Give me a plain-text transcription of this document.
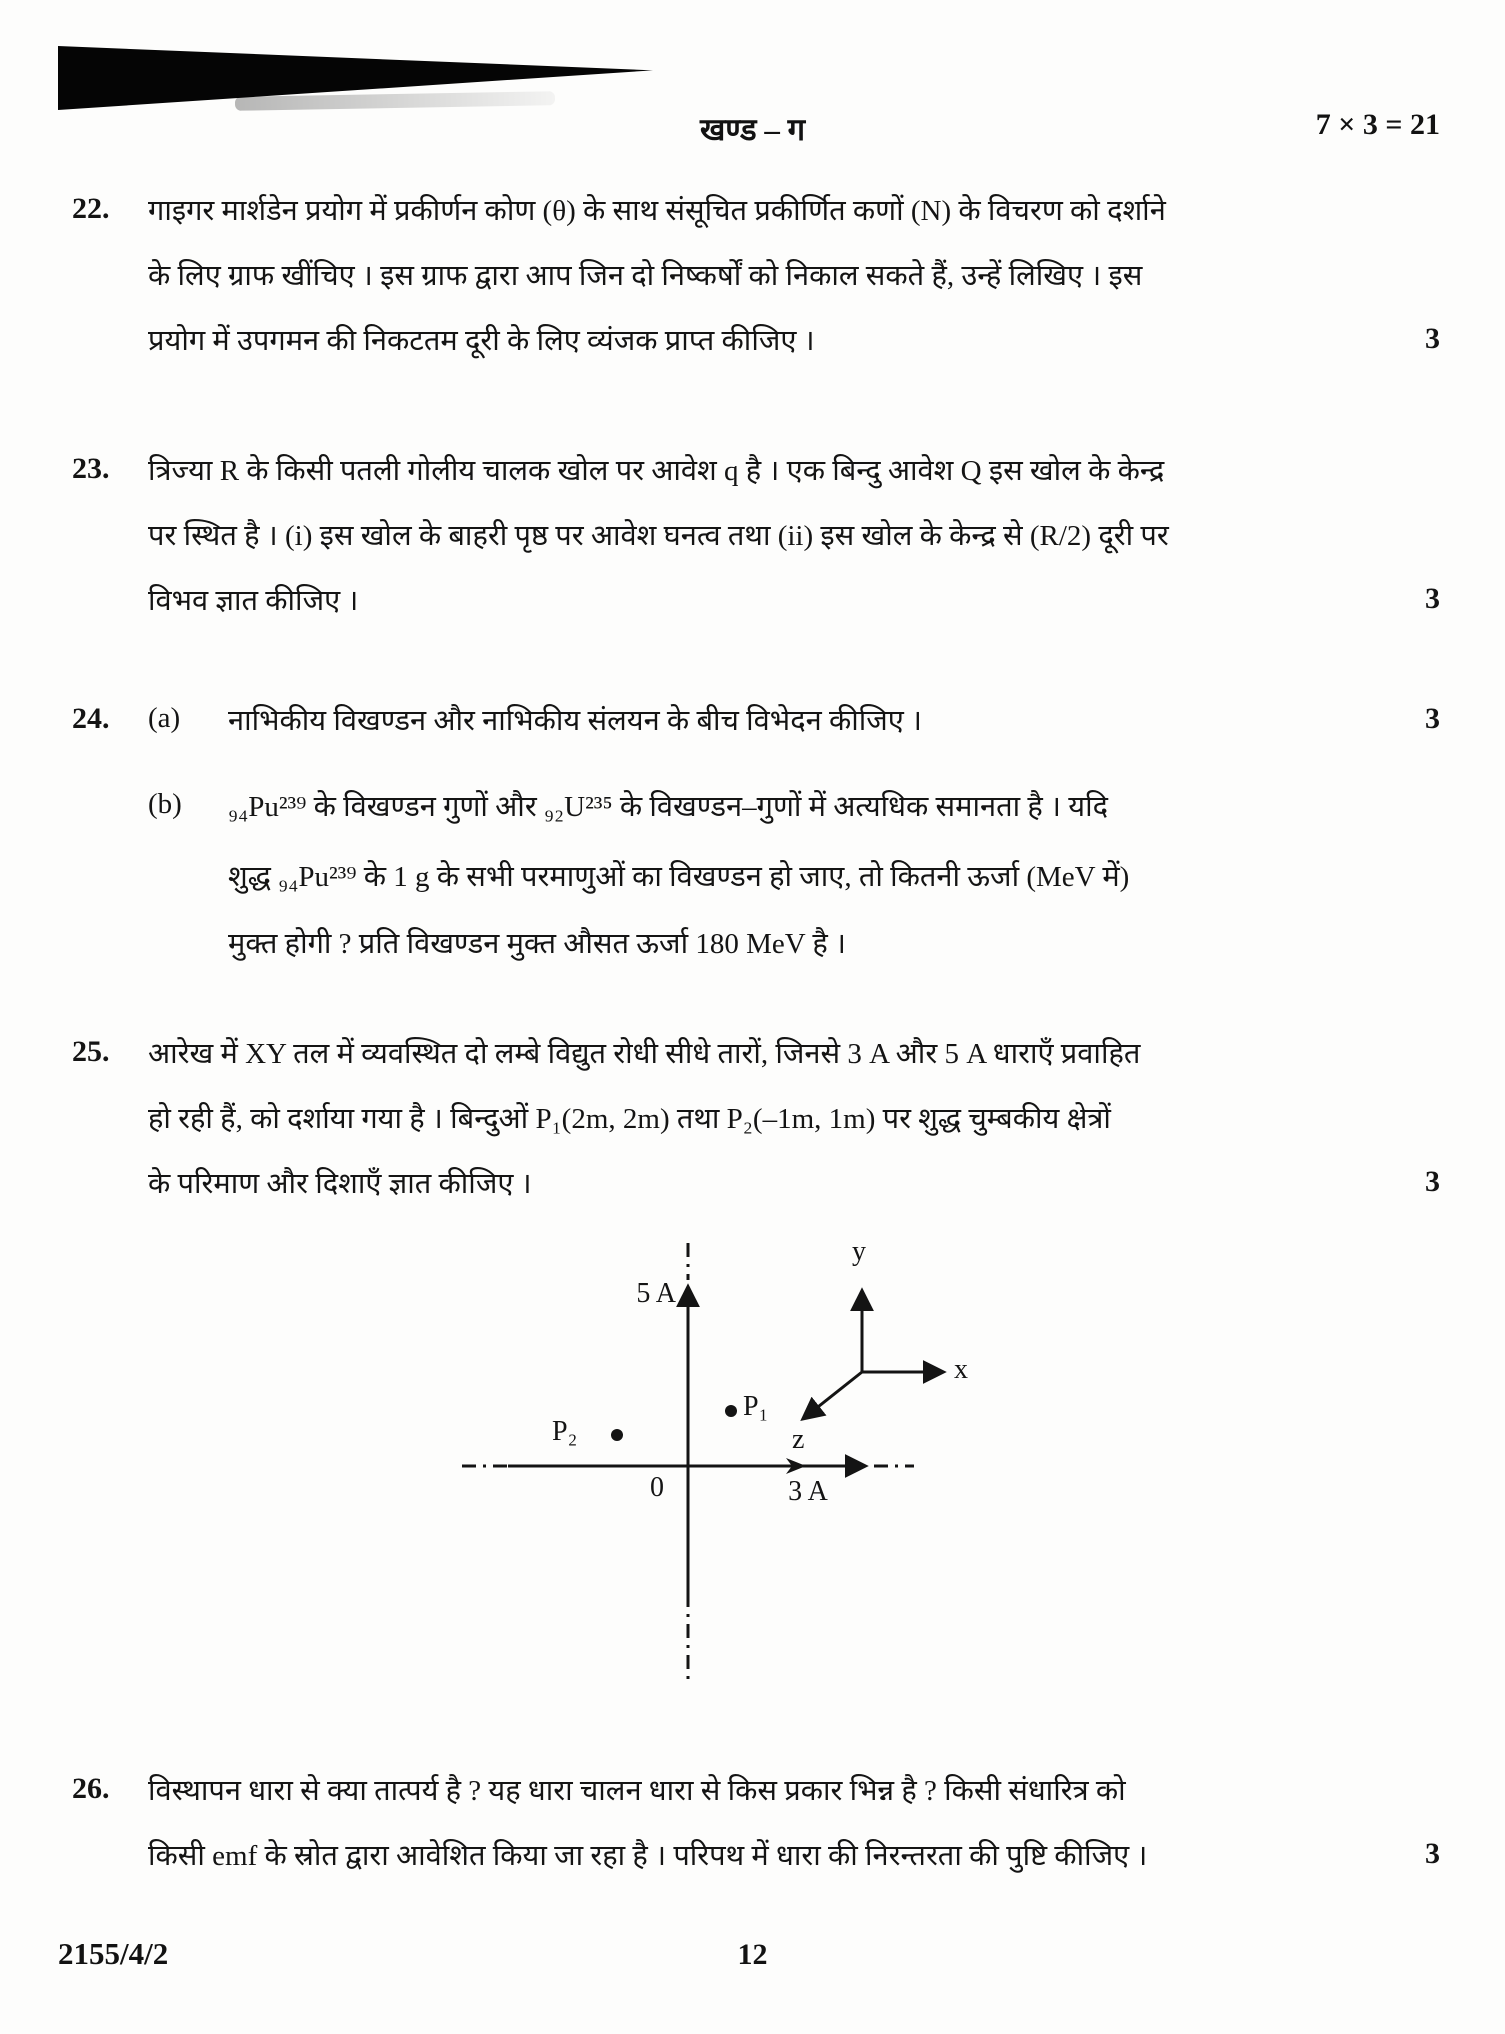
खण्ड – ग	7 × 3 = 21
22. गाइगर मार्शडेन प्रयोग में प्रकीर्णन कोण (θ) के साथ संसूचित प्रकीर्णित कणों (N) के विचरण को दर्शाने
के लिए ग्राफ खींचिए । इस ग्राफ द्वारा आप जिन दो निष्कर्षों को निकाल सकते हैं, उन्हें लिखिए । इस
प्रयोग में उपगमन की निकटतम दूरी के लिए व्यंजक प्राप्त कीजिए ।	3
23. त्रिज्या R के किसी पतली गोलीय चालक खोल पर आवेश q है । एक बिन्दु आवेश Q इस खोल के केन्द्र
पर स्थित है । (i) इस खोल के बाहरी पृष्ठ पर आवेश घनत्व तथा (ii) इस खोल के केन्द्र से (R/2) दूरी पर
विभव ज्ञात कीजिए ।	3
24. (a) नाभिकीय विखण्डन और नाभिकीय संलयन के बीच विभेदन कीजिए ।	3
(b) ₉₄Pu²³⁹ के विखण्डन गुणों और ₉₂U²³⁵ के विखण्डन–गुणों में अत्यधिक समानता है । यदि
शुद्ध ₉₄Pu²³⁹ के 1 g के सभी परमाणुओं का विखण्डन हो जाए, तो कितनी ऊर्जा (MeV में)
मुक्त होगी ? प्रति विखण्डन मुक्त औसत ऊर्जा 180 MeV है ।
25. आरेख में XY तल में व्यवस्थित दो लम्बे विद्युत रोधी सीधे तारों, जिनसे 3 A और 5 A धाराएँ प्रवाहित
हो रही हैं, को दर्शाया गया है । बिन्दुओं P₁(2m, 2m) तथा P₂(–1m, 1m) पर शुद्ध चुम्बकीय क्षेत्रों
के परिमाण और दिशाएँ ज्ञात कीजिए ।	3
5 A
3 A
0
P₁
P₂
y
x
z
26. विस्थापन धारा से क्या तात्पर्य है ? यह धारा चालन धारा से किस प्रकार भिन्न है ? किसी संधारित्र को
किसी emf के स्रोत द्वारा आवेशित किया जा रहा है । परिपथ में धारा की निरन्तरता की पुष्टि कीजिए ।	3
2155/4/2	12
